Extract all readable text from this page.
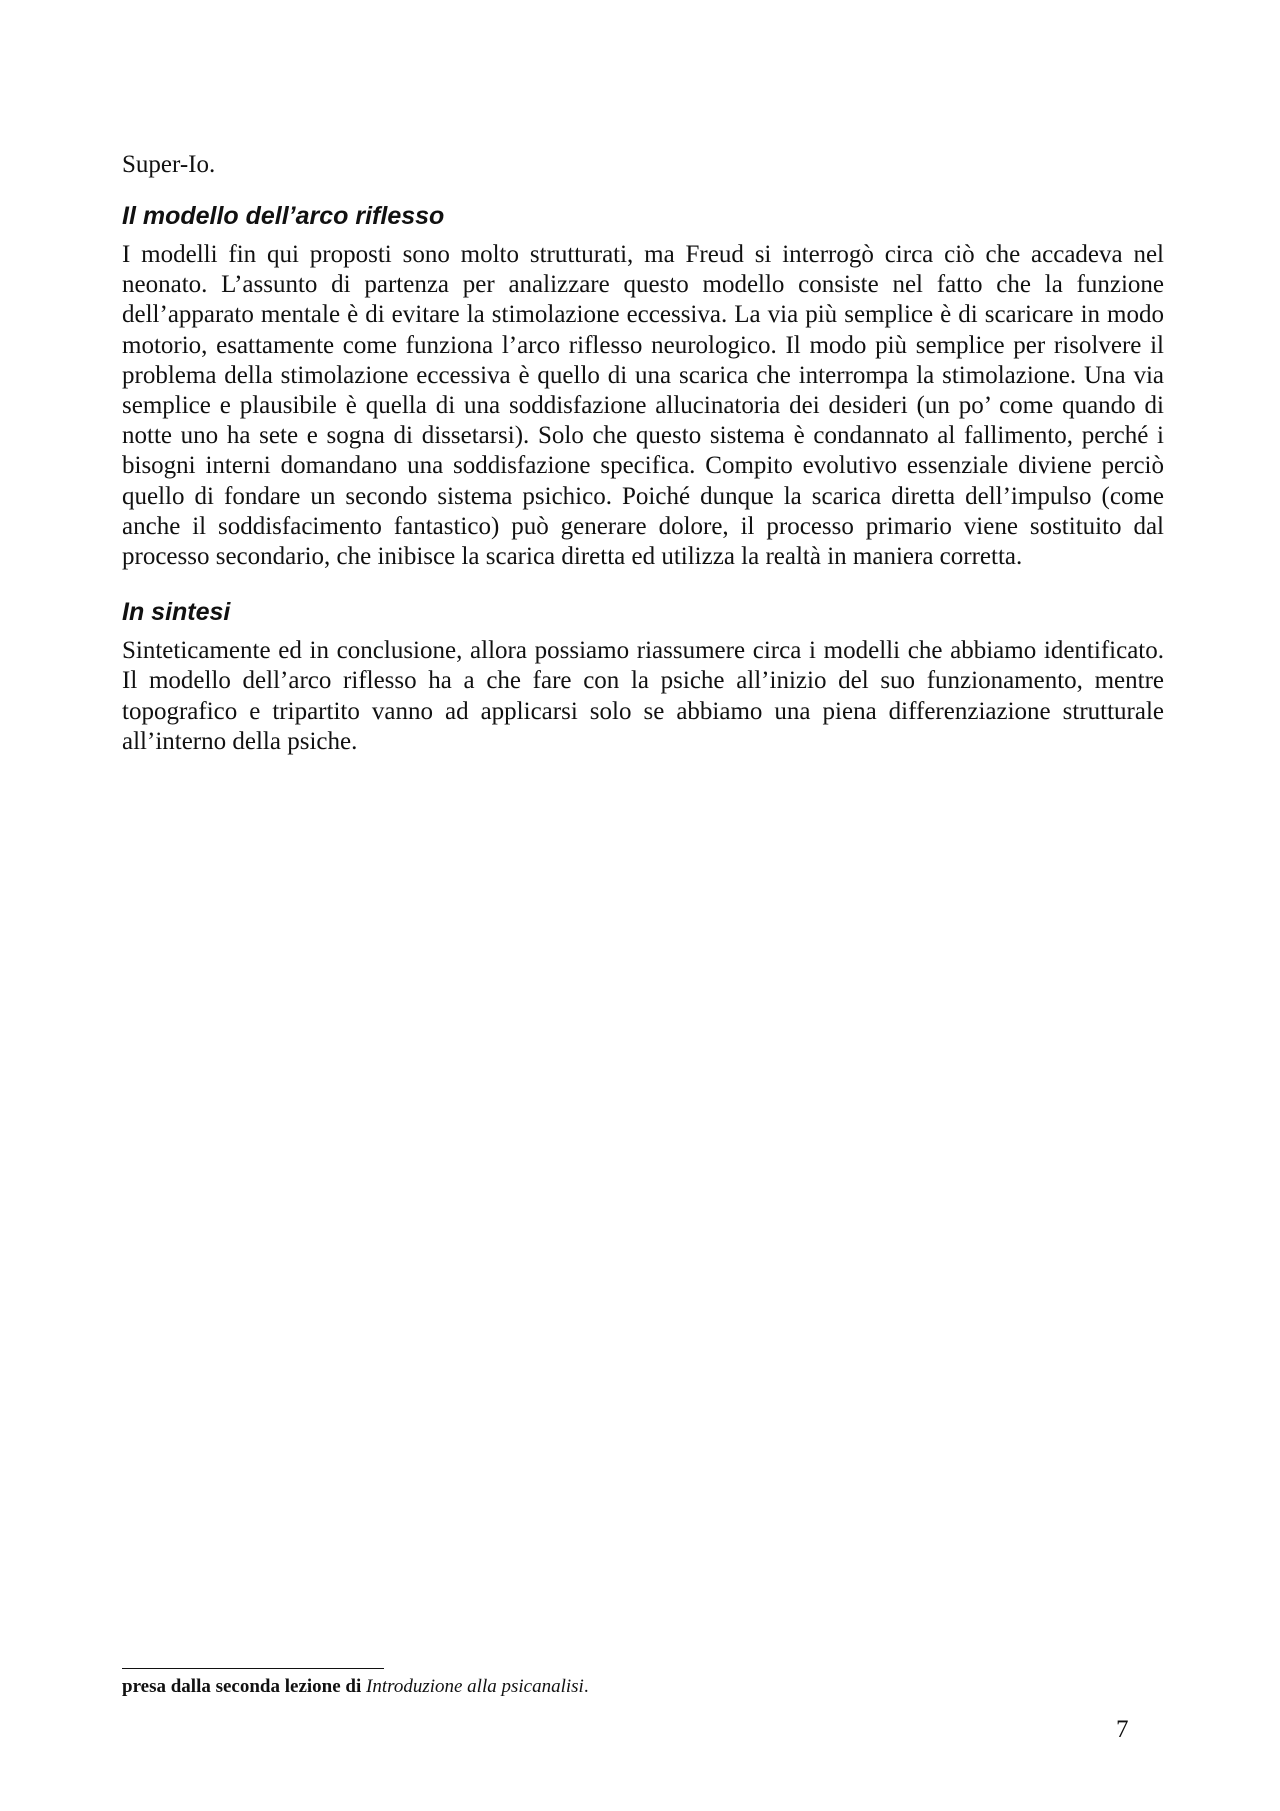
Super-Io.
Il modello dell’arco riflesso

I modelli fin qui proposti sono molto strutturati, ma Freud si interrogò circa ciò che accadeva nel neonato. L’assunto di partenza per analizzare questo modello consiste nel fatto che la funzione dell’apparato mentale è di evitare la stimolazione eccessiva. La via più semplice è di scaricare in modo motorio, esattamente come funziona l’arco riflesso neurologico. Il modo più semplice per risolvere il problema della stimolazione eccessiva è quello di una scarica che interrompa la stimolazione. Una via semplice e plausibile è quella di una soddisfazione allucinatoria dei desideri (un po’ come quando di notte uno ha sete e sogna di dissetarsi). Solo che questo sistema è condannato al fallimento, perché i bisogni interni domandano una soddisfazione specifica. Compito evolutivo essenziale diviene perciò quello di fondare un secondo sistema psichico. Poiché dunque la scarica diretta dell’impulso (come anche il soddisfacimento fantastico) può generare dolore, il processo primario viene sostituito dal processo secondario, che inibisce la scarica diretta ed utilizza la realtà in maniera corretta.

In sintesi

Sinteticamente ed in conclusione, allora possiamo riassumere circa i modelli che abbiamo identificato. Il modello dell’arco riflesso ha a che fare con la psiche all’inizio del suo funzionamento, mentre topografico e tripartito vanno ad applicarsi solo se abbiamo una piena differenziazione strutturale all’interno della psiche.

presa dalla seconda lezione di Introduzione alla psicanalisi.
7
